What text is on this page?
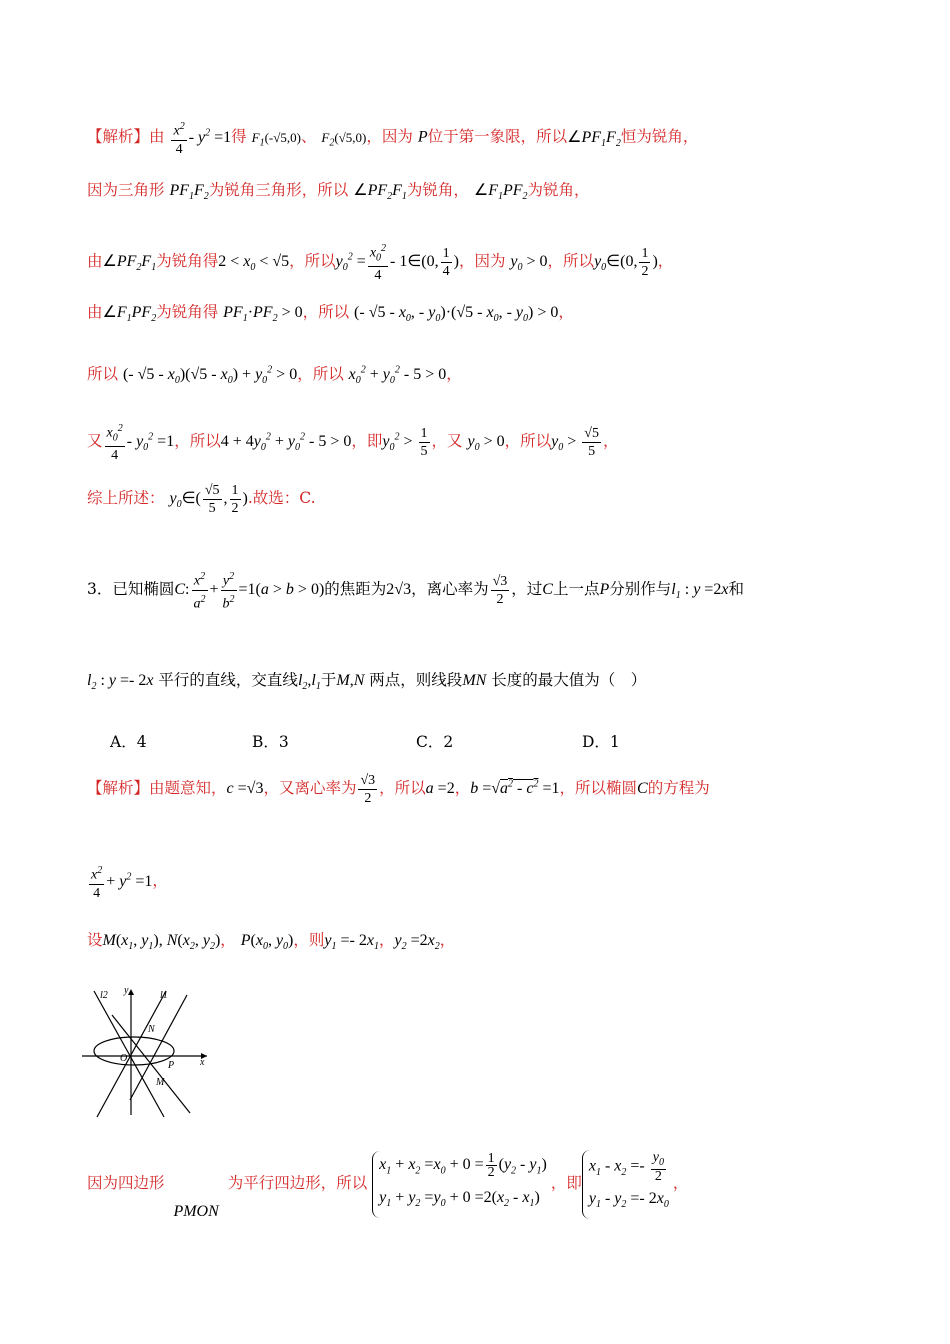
【解析】由 $\frac{x^2}{4} - y^2 =1$得 $F_1(-√5,0)$、 $F_2(√5,0)$，因为 P位于第一象限，所以$\angle PF_1F_2$恒为锐角，
因为三角形 $PF_1F_2$为锐角三角形，所以 $\angle PF_2F_1$为锐角， $\angle F_1PF_2$为锐角，
由$\angle PF_2F_1$为锐角得$2 < x_0 < √5$，所以$y_0^2 = \frac{x_0^2}{4}$ - 1∈(0, $\frac{1}{4}$ )，因为 $y_0 > 0$，所以$y_0\in(0$, $\frac{1}{2}$ )，
由$\angle F_1PF_2$为锐角得 $PF_1\cdot PF_2 > 0$，所以 (- $√5 - x_0$, - $y_0)\cdot(√5 - x_0$, - $y_0) > 0$，
所以 (- $√5 - x_0)(√5 - x_0) + y_0^2 > 0$，所以 $x_0^2 + y_0^2 - 5 > 0$，
又 $\frac{x_0^2}{4} - y_0^2 =1$，所以$4 + 4y_0^2 + y_0^2 - 5 > 0$，即$y_0^2 > \frac{1}{5}$ ，又 $y_0 > 0$，所以$y_0 > \frac{√5}{5}$ ，
综上所述： $y_0\in( \frac{√5}{5}$ , $\frac{1}{2}$ ).故选：C.
3．已知椭圆C: $\frac{x^2}{a^2} + \frac{y^2}{b^2} =1(a > b > 0)$的焦距为2√3，离心率为 $\frac{√3}{2}$ ，过C上一点P分别作与$l_1$ : y =2x和
$l_2$ : y =- 2x 平行的直线，交直线$l_2,l_1$于M,N 两点，则线段MN 长度的最大值为（　）
A．4	B．3	C．2	D．1
【解析】由题意知，c =√3，又离心率为 $\frac{√3}{2}$ ，所以a =2，$b =√a^2 - c^2 =1$，所以椭圆C的方程为
$\frac{x^2}{4} + y^2 =1$，
设$M(x_1$, $y_1$), $N(x_2$, $y_2$)， $P(x_0$, $y_0$)，则$y_1 =- 2x_1$，$y_2 =2x_2$，
l2 y	l1
N
O
P
M
x
因为四边形 PMON 为平行四边形，所以
$x_1 + x_2 =x_0 + 0 = \frac{1}{2} (y_2 - y_1)$
$y_1 + y_2 =y_0 + 0 =2(x_2 - x_1)$
，即
$x_1 - x_2 =- \frac{y_0}{2}$
$y_1 - y_2 =- 2x_0$
，
